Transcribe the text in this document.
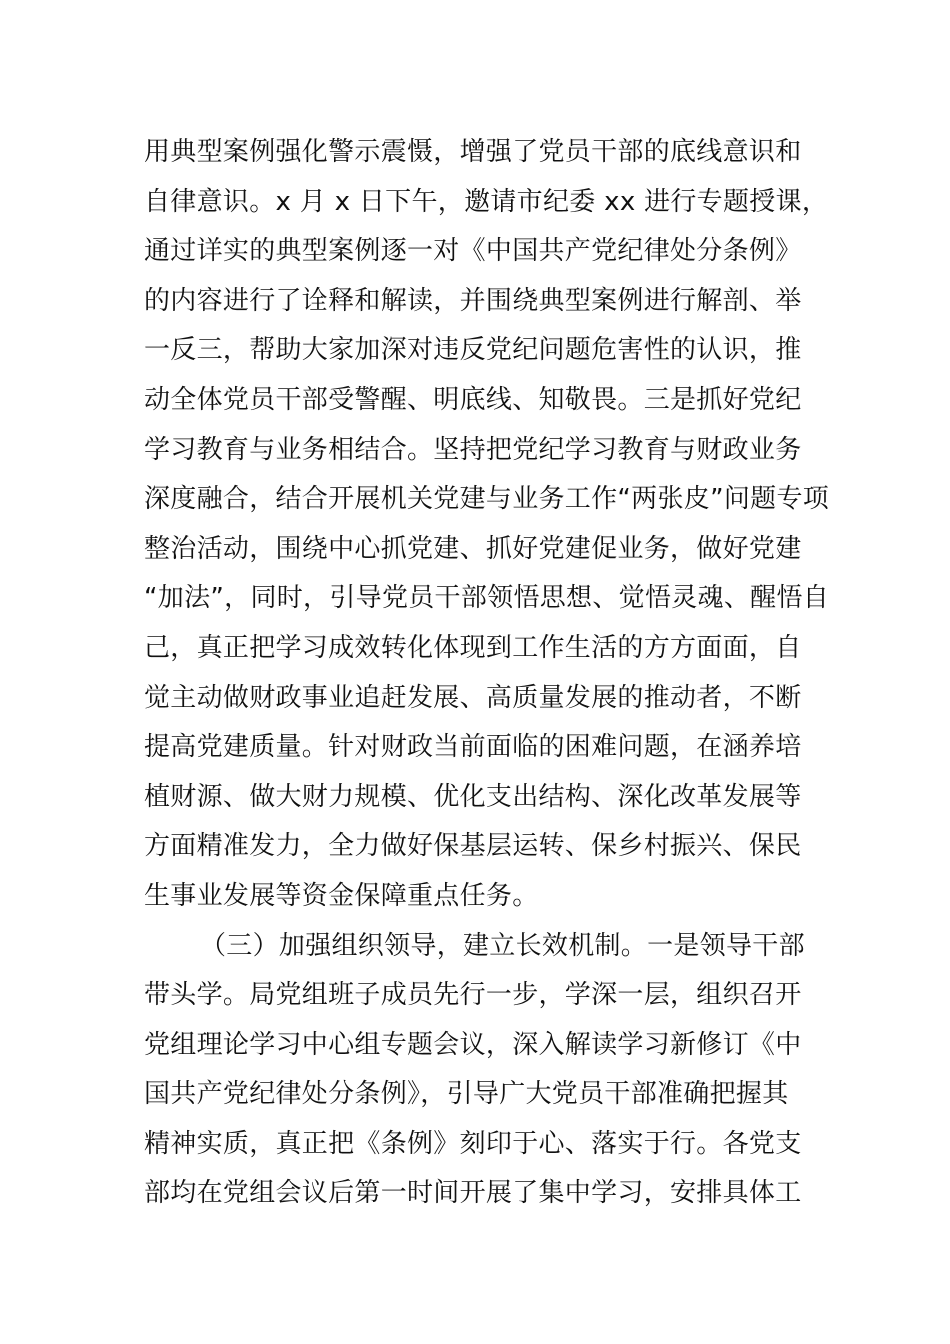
用典型案例强化警示震慑，增强了党员干部的底线意识和
自律意识。x 月 x 日下午，邀请市纪委 xx 进行专题授课，
通过详实的典型案例逐一对《中国共产党纪律处分条例》
的内容进行了诠释和解读，并围绕典型案例进行解剖、举
一反三，帮助大家加深对违反党纪问题危害性的认识，推
动全体党员干部受警醒、明底线、知敬畏。三是抓好党纪
学习教育与业务相结合。坚持把党纪学习教育与财政业务
深度融合，结合开展机关党建与业务工作“两张皮”问题专项
整治活动，围绕中心抓党建、抓好党建促业务，做好党建
“加法”，同时，引导党员干部领悟思想、觉悟灵魂、醒悟自
己，真正把学习成效转化体现到工作生活的方方面面，自
觉主动做财政事业追赶发展、高质量发展的推动者，不断
提高党建质量。针对财政当前面临的困难问题，在涵养培
植财源、做大财力规模、优化支出结构、深化改革发展等
方面精准发力，全力做好保基层运转、保乡村振兴、保民
生事业发展等资金保障重点任务。
（三）加强组织领导，建立长效机制。一是领导干部
带头学。局党组班子成员先行一步，学深一层，组织召开
党组理论学习中心组专题会议，深入解读学习新修订《中
国共产党纪律处分条例》，引导广大党员干部准确把握其
精神实质，真正把《条例》刻印于心、落实于行。各党支
部均在党组会议后第一时间开展了集中学习，安排具体工
